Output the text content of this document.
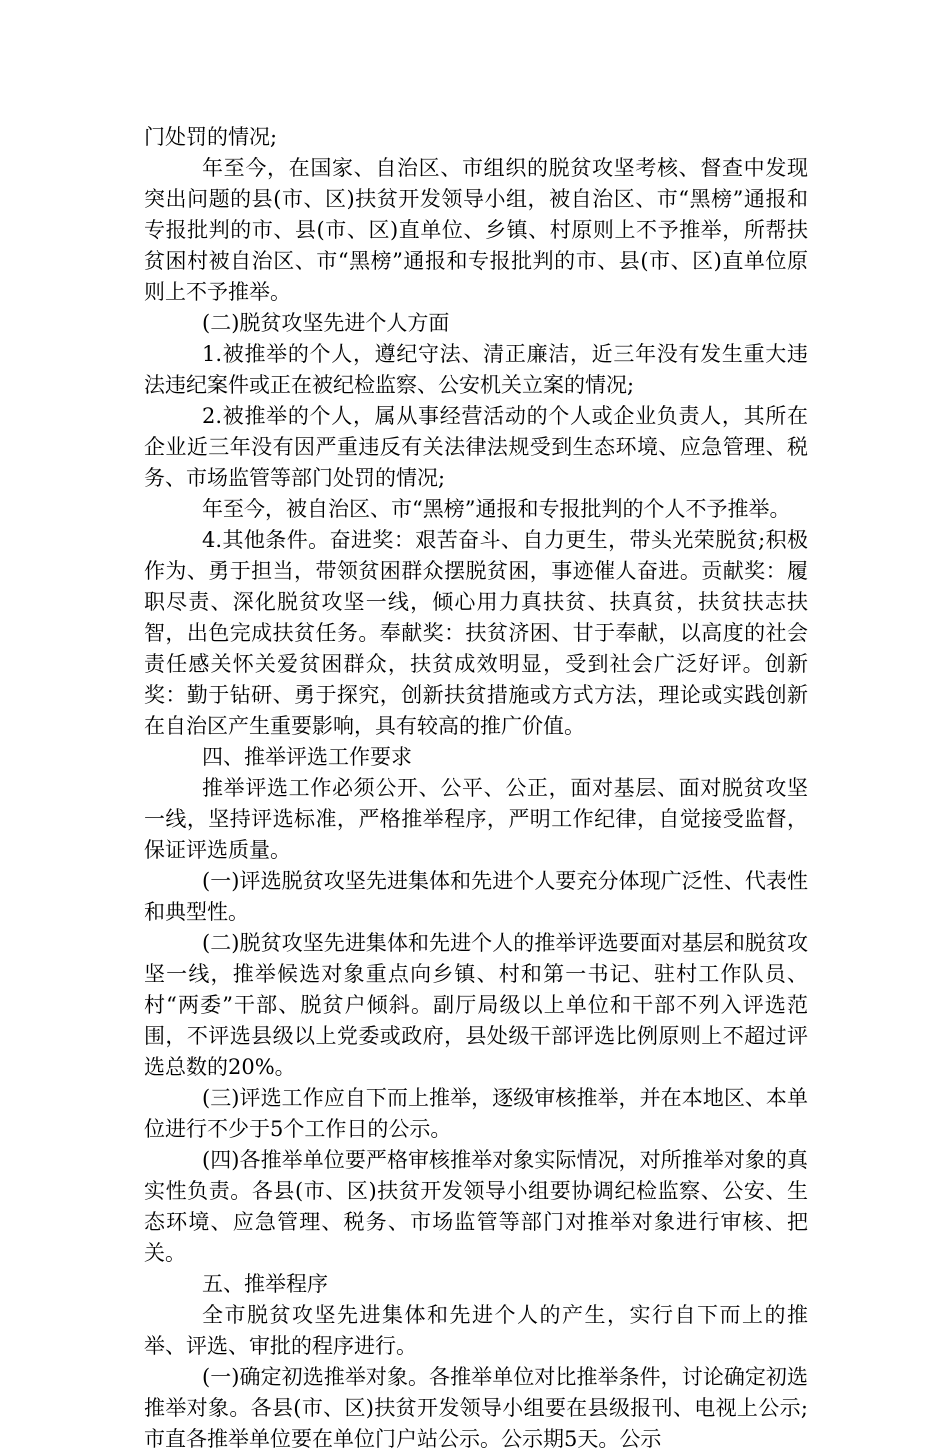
门处罚的情况;

年至今，在国家、自治区、市组织的脱贫攻坚考核、督查中发现突出问题的县(市、区)扶贫开发领导小组，被自治区、市“黑榜”通报和专报批判的市、县(市、区)直单位、乡镇、村原则上不予推举，所帮扶贫困村被自治区、市“黑榜”通报和专报批判的市、县(市、区)直单位原则上不予推举。

(二)脱贫攻坚先进个人方面

1.被推举的个人，遵纪守法、清正廉洁，近三年没有发生重大违法违纪案件或正在被纪检监察、公安机关立案的情况;

2.被推举的个人，属从事经营活动的个人或企业负责人，其所在企业近三年没有因严重违反有关法律法规受到生态环境、应急管理、税务、市场监管等部门处罚的情况;

年至今，被自治区、市“黑榜”通报和专报批判的个人不予推举。

4.其他条件。奋进奖：艰苦奋斗、自力更生，带头光荣脱贫;积极作为、勇于担当，带领贫困群众摆脱贫困，事迹催人奋进。贡献奖：履职尽责、深化脱贫攻坚一线，倾心用力真扶贫、扶真贫，扶贫扶志扶智，出色完成扶贫任务。奉献奖：扶贫济困、甘于奉献，以高度的社会责任感关怀关爱贫困群众，扶贫成效明显，受到社会广泛好评。创新奖：勤于钻研、勇于探究，创新扶贫措施或方式方法，理论或实践创新在自治区产生重要影响，具有较高的推广价值。

四、推举评选工作要求

推举评选工作必须公开、公平、公正，面对基层、面对脱贫攻坚一线，坚持评选标准，严格推举程序，严明工作纪律，自觉接受监督，保证评选质量。

(一)评选脱贫攻坚先进集体和先进个人要充分体现广泛性、代表性和典型性。

(二)脱贫攻坚先进集体和先进个人的推举评选要面对基层和脱贫攻坚一线，推举候选对象重点向乡镇、村和第一书记、驻村工作队员、村“两委”干部、脱贫户倾斜。副厅局级以上单位和干部不列入评选范围，不评选县级以上党委或政府，县处级干部评选比例原则上不超过评选总数的20%。

(三)评选工作应自下而上推举，逐级审核推举，并在本地区、本单位进行不少于5个工作日的公示。

(四)各推举单位要严格审核推举对象实际情况，对所推举对象的真实性负责。各县(市、区)扶贫开发领导小组要协调纪检监察、公安、生态环境、应急管理、税务、市场监管等部门对推举对象进行审核、把关。

五、推举程序

全市脱贫攻坚先进集体和先进个人的产生，实行自下而上的推举、评选、审批的程序进行。

(一)确定初选推举对象。各推举单位对比推举条件，讨论确定初选推举对象。各县(市、区)扶贫开发领导小组要在县级报刊、电视上公示;市直各推举单位要在单位门户站公示。公示期5天。公示
